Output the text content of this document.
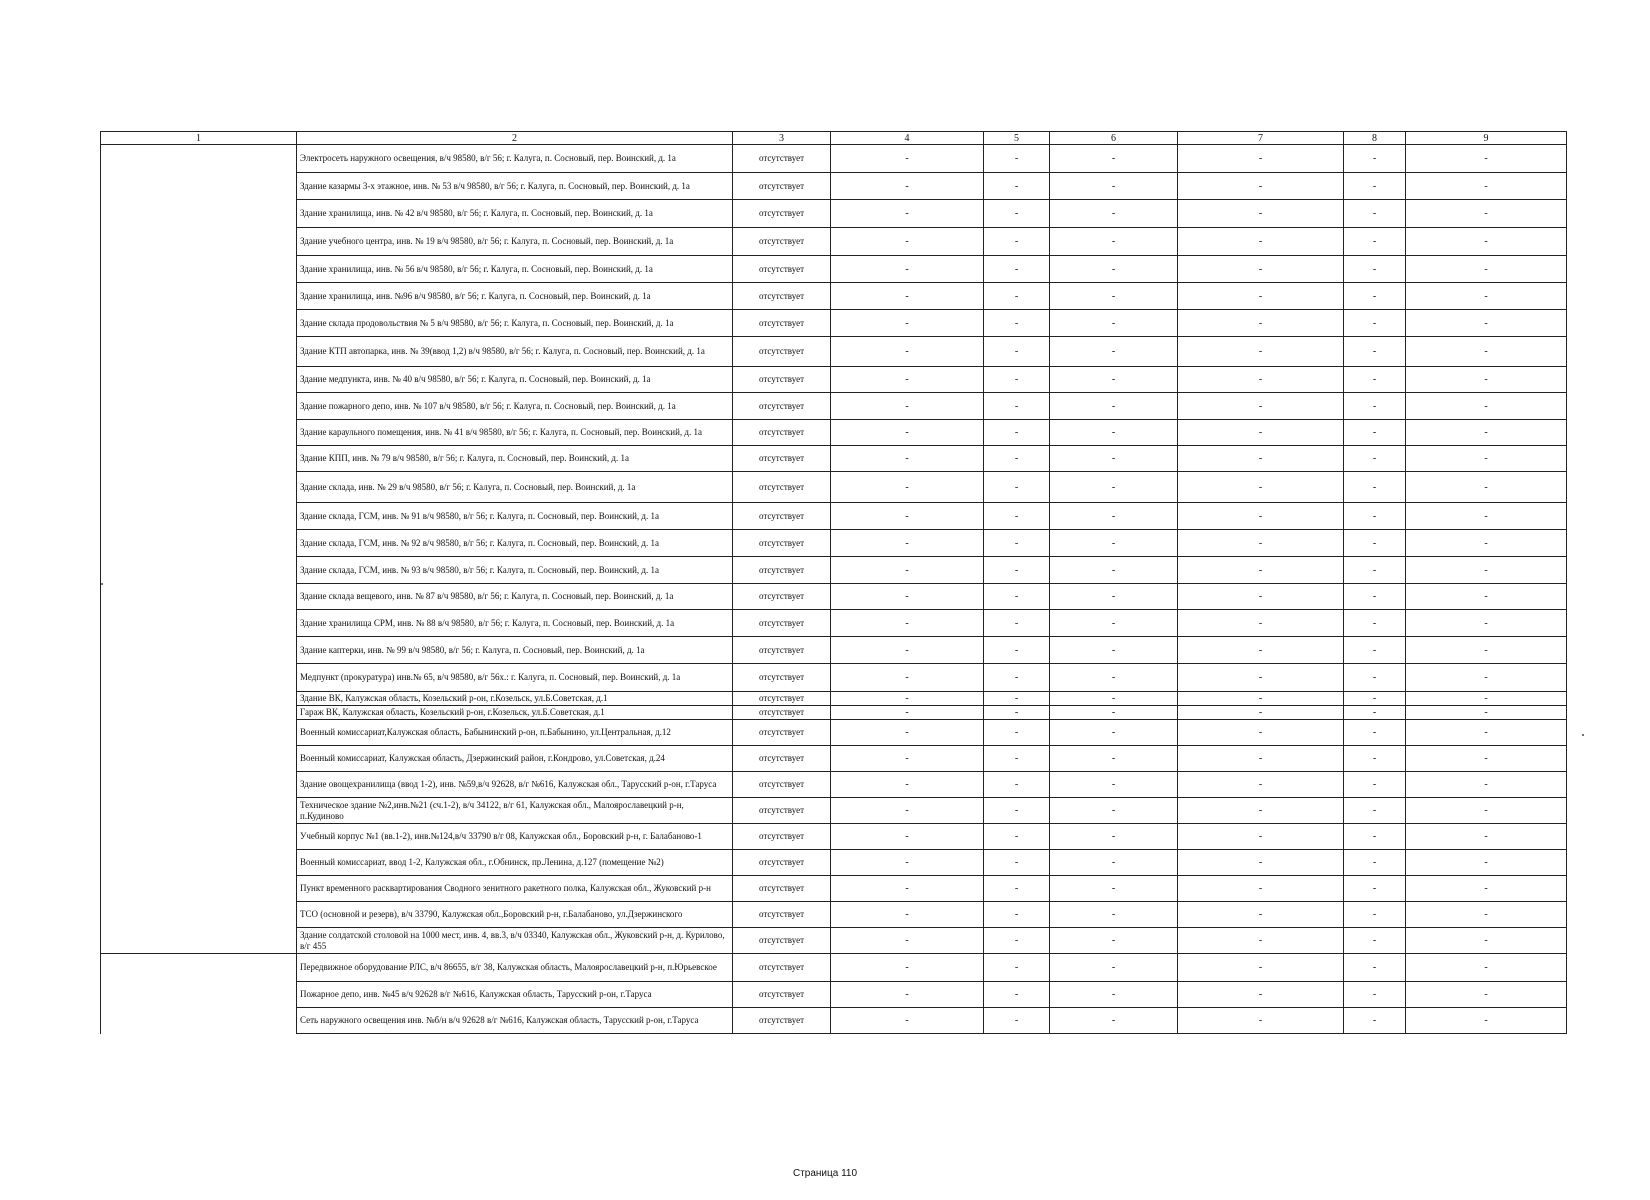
1	2	3	4	5	6	7	8	9
	Электросеть наружного освещения, в/ч 98580, в/г 56; г. Калуга, п. Сосновый, пер. Воинский, д. 1а	отсутствует	-	-	-	-	-	-
	Здание казармы 3-х этажное, инв. № 53 в/ч 98580, в/г 56; г. Калуга, п. Сосновый, пер. Воинский, д. 1а	отсутствует	-	-	-	-	-	-
	Здание хранилища, инв. № 42 в/ч 98580, в/г 56; г. Калуга, п. Сосновый, пер. Воинский, д. 1а	отсутствует	-	-	-	-	-	-
	Здание учебного центра, инв. № 19 в/ч 98580, в/г 56; г. Калуга, п. Сосновый, пер. Воинский, д. 1а	отсутствует	-	-	-	-	-	-
	Здание хранилища, инв. № 56 в/ч 98580, в/г 56; г. Калуга, п. Сосновый, пер. Воинский, д. 1а	отсутствует	-	-	-	-	-	-
	Здание хранилища, инв. №96 в/ч 98580, в/г 56; г. Калуга, п. Сосновый, пер. Воинский, д. 1а	отсутствует	-	-	-	-	-	-
	Здание склада продовольствия № 5 в/ч 98580, в/г 56; г. Калуга, п. Сосновый, пер. Воинский, д. 1а	отсутствует	-	-	-	-	-	-
	Здание КТП автопарка, инв. № 39(ввод 1,2) в/ч 98580, в/г 56; г. Калуга, п. Сосновый, пер. Воинский, д. 1а	отсутствует	-	-	-	-	-	-
	Здание медпункта, инв. № 40 в/ч 98580, в/г 56; г. Калуга, п. Сосновый, пер. Воинский, д. 1а	отсутствует	-	-	-	-	-	-
	Здание пожарного депо, инв. № 107 в/ч 98580, в/г 56; г. Калуга, п. Сосновый, пер. Воинский, д. 1а	отсутствует	-	-	-	-	-	-
	Здание караульного помещения, инв. № 41 в/ч 98580, в/г 56; г. Калуга, п. Сосновый, пер. Воинский, д. 1а	отсутствует	-	-	-	-	-	-
	Здание КПП, инв. № 79 в/ч 98580, в/г 56; г. Калуга, п. Сосновый, пер. Воинский, д. 1а	отсутствует	-	-	-	-	-	-
	Здание склада, инв. № 29 в/ч 98580, в/г 56; г. Калуга, п. Сосновый, пер. Воинский, д. 1а	отсутствует	-	-	-	-	-	-
	Здание склада, ГСМ, инв. № 91 в/ч 98580, в/г 56; г. Калуга, п. Сосновый, пер. Воинский, д. 1а	отсутствует	-	-	-	-	-	-
	Здание склада, ГСМ, инв. № 92 в/ч 98580, в/г 56; г. Калуга, п. Сосновый, пер. Воинский, д. 1а	отсутствует	-	-	-	-	-	-
	Здание склада, ГСМ, инв. № 93 в/ч 98580, в/г 56; г. Калуга, п. Сосновый, пер. Воинский, д. 1а	отсутствует	-	-	-	-	-	-
	Здание склада вещевого, инв. № 87 в/ч 98580, в/г 56; г. Калуга, п. Сосновый, пер. Воинский, д. 1а	отсутствует	-	-	-	-	-	-
	Здание хранилища СРМ, инв. № 88 в/ч 98580, в/г 56; г. Калуга, п. Сосновый, пер. Воинский, д. 1а	отсутствует	-	-	-	-	-	-
	Здание каптерки, инв. № 99 в/ч 98580, в/г 56; г. Калуга, п. Сосновый, пер. Воинский, д. 1а	отсутствует	-	-	-	-	-	-
	Медпункт (прокуратура) инв.№ 65, в/ч 98580, в/г 56х.: г. Калуга, п. Сосновый, пер. Воинский, д. 1а	отсутствует	-	-	-	-	-	-
	Здание ВК, Калужская область, Козельский р-он, г.Козельск, ул.Б.Советская, д.1	отсутствует	-	-	-	-	-	-
	Гараж ВК, Калужская область, Козельский р-он, г.Козельск, ул.Б.Советская, д.1	отсутствует	-	-	-	-	-	-
	Военный комиссариат,Калужская область, Бабынинский р-он, п.Бабынино, ул.Центральная, д.12	отсутствует	-	-	-	-	-	-
	Военный комиссариат, Калужская область, Дзержинский район, г.Кондрово, ул.Советская, д.24	отсутствует	-	-	-	-	-	-
	Здание овощехранилища (ввод 1-2), инв. №59,в/ч 92628, в/г №616, Калужская обл., Тарусский р-он, г.Таруса	отсутствует	-	-	-	-	-	-
	Техническое здание №2,инв.№21 (сч.1-2), в/ч 34122, в/г 61, Калужская обл., Малоярославецкий р-н, п.Кудиново	отсутствует	-	-	-	-	-	-
	Учебный корпус №1 (вв.1-2), инв.№124,в/ч 33790 в/г 08, Калужская обл., Боровский р-н, г. Балабаново-1	отсутствует	-	-	-	-	-	-
	Военный комиссариат, ввод 1-2, Калужская обл., г.Обнинск, пр.Ленина, д.127 (помещение №2)	отсутствует	-	-	-	-	-	-
	Пункт временного расквартирования Сводного зенитного ракетного полка, Калужская обл., Жуковский р-н	отсутствует	-	-	-	-	-	-
	ТСО (основной и резерв), в/ч 33790, Калужская обл.,Боровский р-н, г.Балабаново, ул.Дзержинского	отсутствует	-	-	-	-	-	-
	Здание солдатской столовой на 1000 мест, инв. 4, вв.3, в/ч 03340, Калужская обл., Жуковский р-н, д. Курилово, в/г 455	отсутствует	-	-	-	-	-	-
	Передвижное оборудование РЛС, в/ч 86655, в/г 38, Калужская область, Малоярославецкий р-н, п.Юрьевское	отсутствует	-	-	-	-	-	-
	Пожарное депо, инв. №45 в/ч 92628 в/г №616, Калужская область, Тарусский р-он, г.Таруса	отсутствует	-	-	-	-	-	-
	Сеть наружного освещения инв. №б/н в/ч 92628 в/г №616, Калужская область, Тарусский р-он, г.Таруса	отсутствует	-	-	-	-	-	-
Страница 110
